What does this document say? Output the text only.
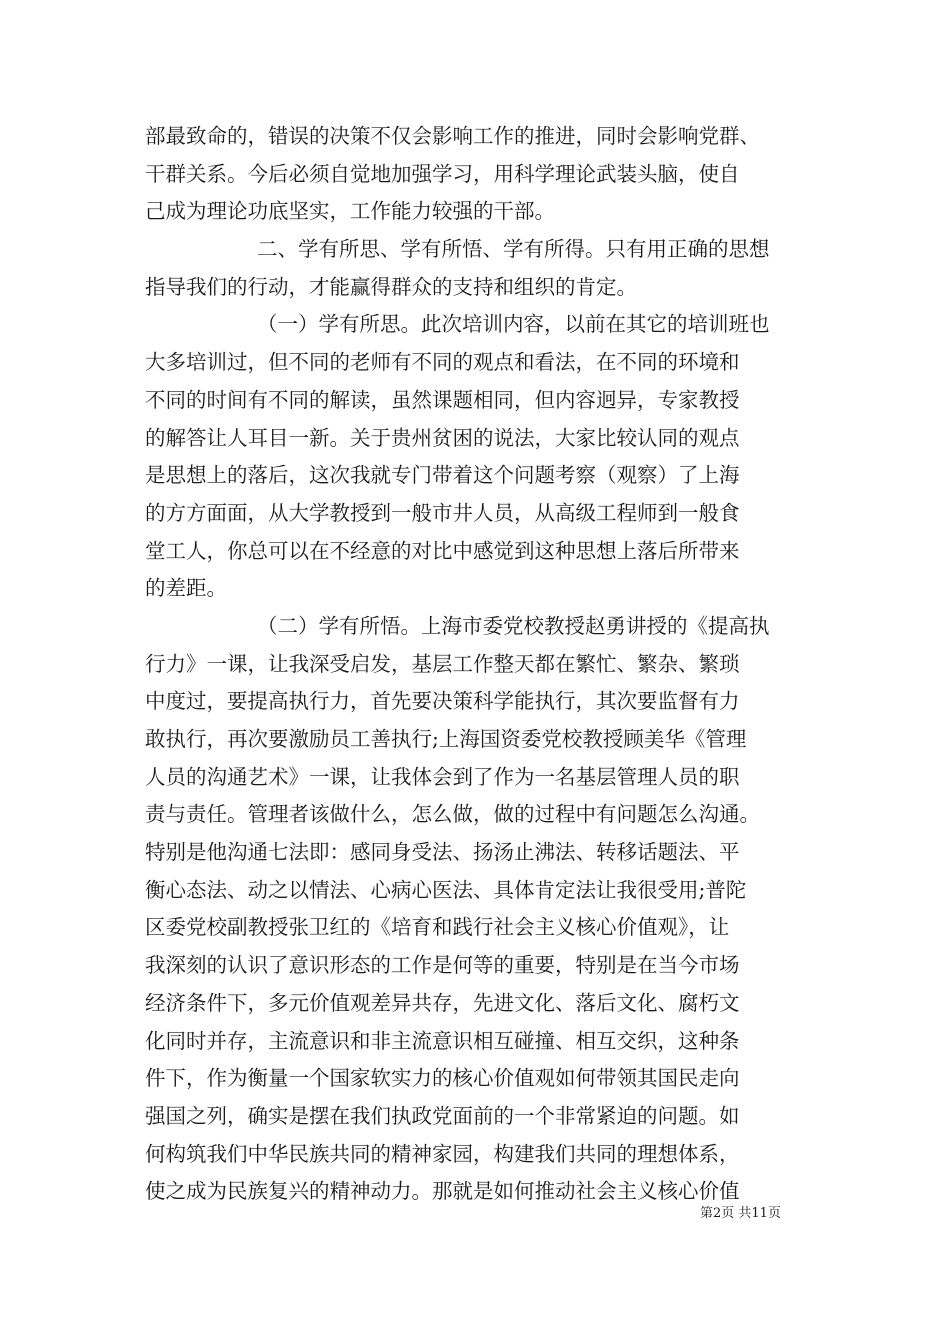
部最致命的，错误的决策不仅会影响工作的推进，同时会影响党群、
干群关系。今后必须自觉地加强学习，用科学理论武装头脑，使自
己成为理论功底坚实，工作能力较强的干部。
二、学有所思、学有所悟、学有所得。只有用正确的思想
指导我们的行动，才能赢得群众的支持和组织的肯定。
（一）学有所思。此次培训内容，以前在其它的培训班也
大多培训过，但不同的老师有不同的观点和看法，在不同的环境和
不同的时间有不同的解读，虽然课题相同，但内容迥异，专家教授
的解答让人耳目一新。关于贵州贫困的说法，大家比较认同的观点
是思想上的落后，这次我就专门带着这个问题考察（观察）了上海
的方方面面，从大学教授到一般市井人员，从高级工程师到一般食
堂工人，你总可以在不经意的对比中感觉到这种思想上落后所带来
的差距。
（二）学有所悟。上海市委党校教授赵勇讲授的《提高执
行力》一课，让我深受启发，基层工作整天都在繁忙、繁杂、繁琐
中度过，要提高执行力，首先要决策科学能执行，其次要监督有力
敢执行，再次要激励员工善执行;上海国资委党校教授顾美华《管理
人员的沟通艺术》一课，让我体会到了作为一名基层管理人员的职
责与责任。管理者该做什么，怎么做，做的过程中有问题怎么沟通。
特别是他沟通七法即：感同身受法、扬汤止沸法、转移话题法、平
衡心态法、动之以情法、心病心医法、具体肯定法让我很受用;普陀
区委党校副教授张卫红的《培育和践行社会主义核心价值观》，让
我深刻的认识了意识形态的工作是何等的重要，特别是在当今市场
经济条件下，多元价值观差异共存，先进文化、落后文化、腐朽文
化同时并存，主流意识和非主流意识相互碰撞、相互交织，这种条
件下，作为衡量一个国家软实力的核心价值观如何带领其国民走向
强国之列，确实是摆在我们执政党面前的一个非常紧迫的问题。如
何构筑我们中华民族共同的精神家园，构建我们共同的理想体系，
使之成为民族复兴的精神动力。那就是如何推动社会主义核心价值
第2页 共11页
